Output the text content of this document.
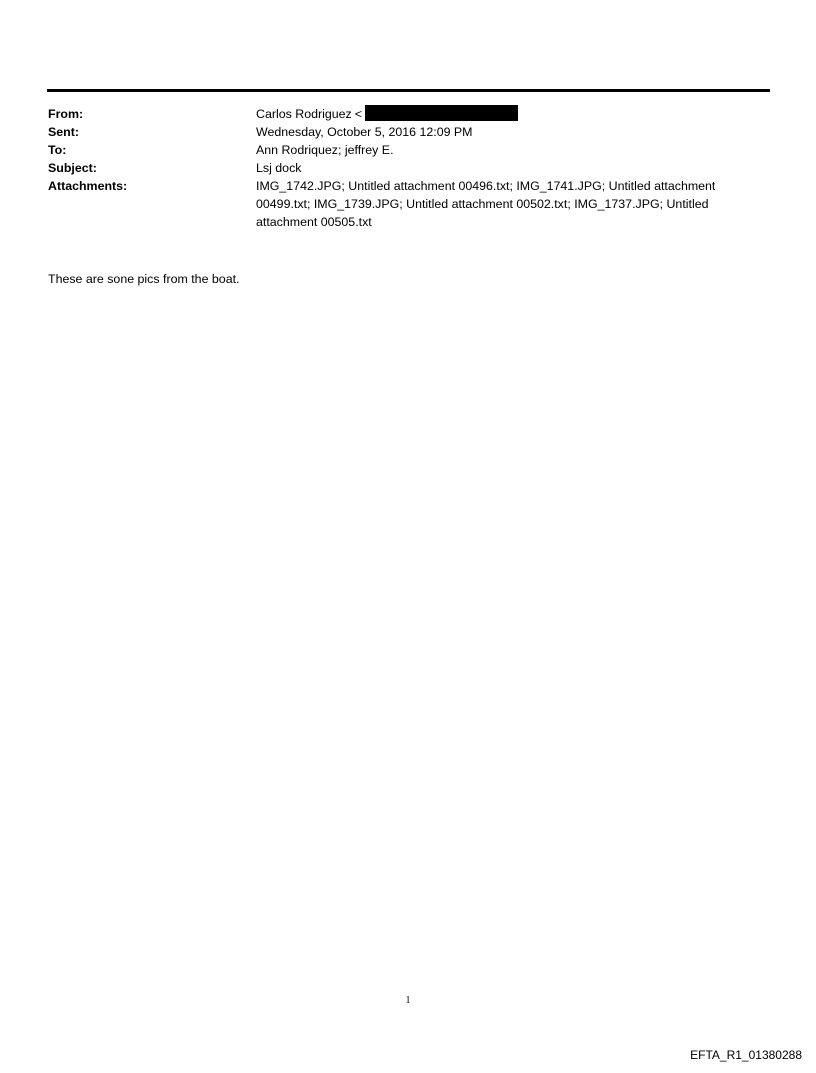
From:	Carlos Rodriguez <
Sent:	Wednesday, October 5, 2016 12:09 PM
To:	Ann Rodriquez; jeffrey E.
Subject:	Lsj dock
Attachments:	IMG_1742.JPG; Untitled attachment 00496.txt; IMG_1741.JPG; Untitled attachment 00499.txt; IMG_1739.JPG; Untitled attachment 00502.txt; IMG_1737.JPG; Untitled attachment 00505.txt
These are sone pics from the boat.
1
EFTA_R1_01380288
